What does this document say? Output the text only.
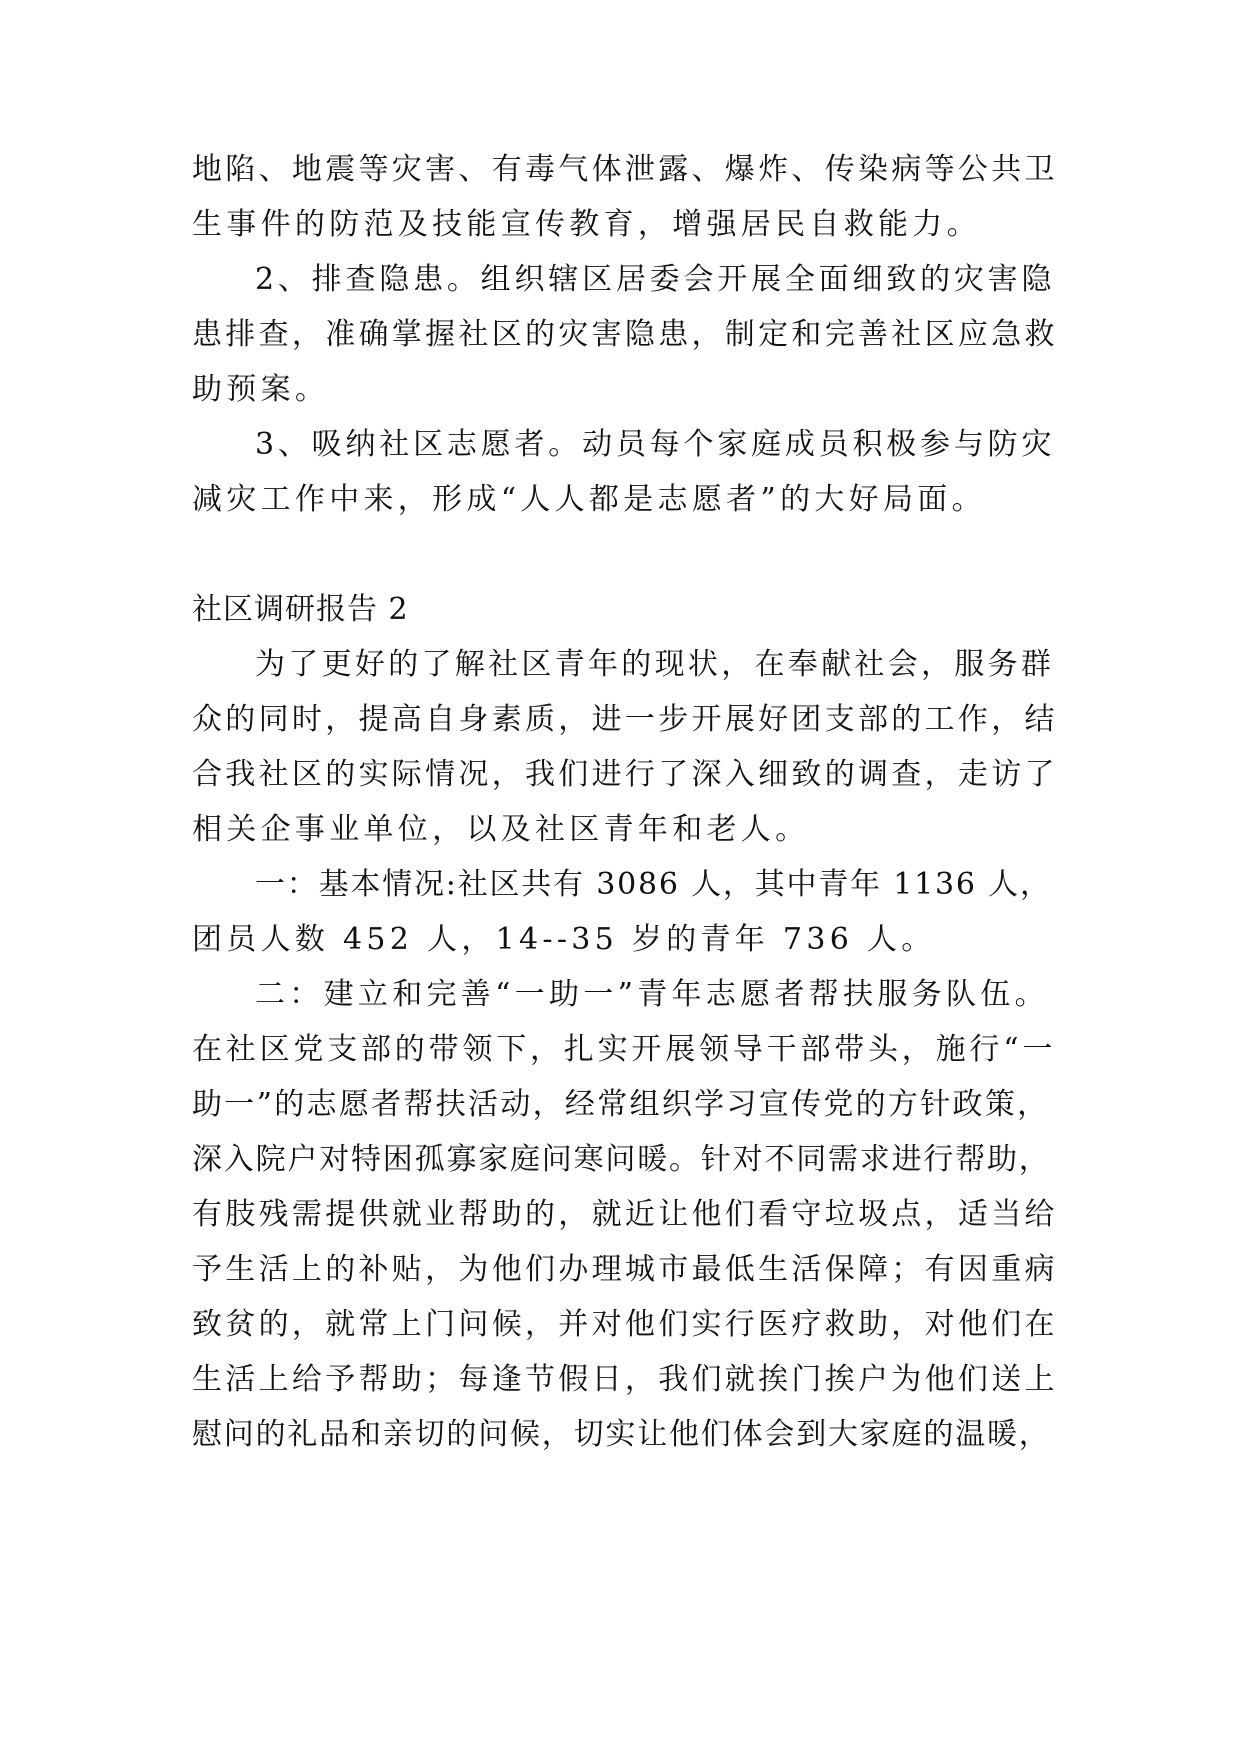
地陷、地震等灾害、有毒气体泄露、爆炸、传染病等公共卫
生事件的防范及技能宣传教育，增强居民自救能力。
2、排查隐患。组织辖区居委会开展全面细致的灾害隐
患排查，准确掌握社区的灾害隐患，制定和完善社区应急救
助预案。
3、吸纳社区志愿者。动员每个家庭成员积极参与防灾
减灾工作中来，形成“人人都是志愿者”的大好局面。
社区调研报告 2
为了更好的了解社区青年的现状，在奉献社会，服务群
众的同时，提高自身素质，进一步开展好团支部的工作，结
合我社区的实际情况，我们进行了深入细致的调查，走访了
相关企事业单位，以及社区青年和老人。
一：基本情况:社区共有 3086 人，其中青年 1136 人，
团员人数 452 人，14--35 岁的青年 736 人。
二：建立和完善“一助一”青年志愿者帮扶服务队伍。
在社区党支部的带领下，扎实开展领导干部带头，施行“一
助一”的志愿者帮扶活动，经常组织学习宣传党的方针政策，
深入院户对特困孤寡家庭问寒问暖。针对不同需求进行帮助，
有肢残需提供就业帮助的，就近让他们看守垃圾点，适当给
予生活上的补贴，为他们办理城市最低生活保障；有因重病
致贫的，就常上门问候，并对他们实行医疗救助，对他们在
生活上给予帮助；每逢节假日，我们就挨门挨户为他们送上
慰问的礼品和亲切的问候，切实让他们体会到大家庭的温暖，
